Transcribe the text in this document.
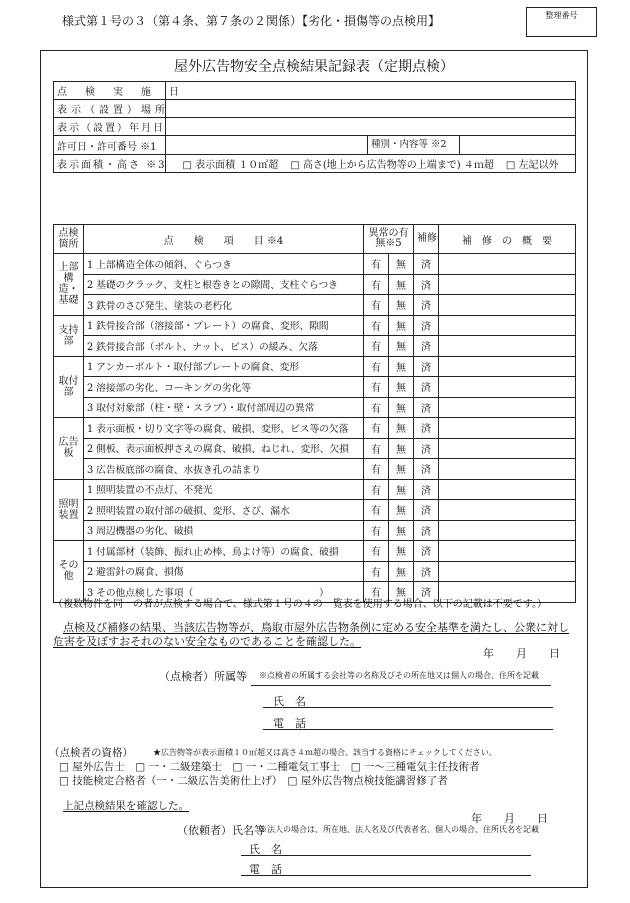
様式第１号の３（第４条、第７条の２関係）【劣化・損傷等の点検用】	整理番号
屋外広告物安全点検結果記録表（定期点検）
点　検　実　施　日		
表示（設置）場所		
表示（設置）年月日		
許可日・許可番号 ※1		種別・内容等 ※2

表示面積・高さ ※3	□ 表示面積 １０㎡超 □ 高さ(地上から広告物等の上端まで) ４ｍ超 □ 左記以外	
点検箇所	点　　検　　項　　目 ※4	異常の有無※5		補修	補　修　の　概　要
上部構造・基礎	1 上部構造全体の傾斜、ぐらつき	有	無	済	
	2 基礎のクラック、支柱と根巻きとの隙間、支柱ぐらつき	有	無	済	
	3 鉄骨のさび発生、塗装の老朽化	有	無	済	
支持部	1 鉄骨接合部（溶接部・プレート）の腐食、変形、隙間	有	無	済	
	2 鉄骨接合部（ボルト、ナット、ビス）の緩み、欠落	有	無	済	
取付部	1 アンカーボルト・取付部プレートの腐食、変形	有	無	済	
	2 溶接部の劣化、コーキングの劣化等	有	無	済	
	3 取付対象部（柱・壁・スラブ）・取付部周辺の異常	有	無	済	
広告板	1 表示面板・切り文字等の腐食、破損、変形、ビス等の欠落	有	無	済	
	2 側板、表示面板押さえの腐食、破損、ねじれ、変形、欠損	有	無	済	
	3 広告板底部の腐食、水抜き孔の詰まり	有	無	済	
照明装置	1 照明装置の不点灯、不発光	有	無	済	
	2 照明装置の取付部の破損、変形、さび、漏水	有	無	済	
	3 周辺機器の劣化、破損	有	無	済	
その他	1 付属部材（装飾、振れ止め棒、鳥よけ等）の腐食、破損	有	無	済	
	2 避雷針の腐食、損傷	有	無	済	
	3 その他点検した事項（　　　　　　　　　　　　　）	有	無	済	
（複数物件を同一の者が点検する場合で、様式第１号の４の一覧表を使用する場合、以下の記載は不要です。）
点検及び補修の結果、当該広告物等が、鳥取市屋外広告物条例に定める安全基準を満たし、公衆に対し
危害を及ぼすおそれのない安全なものであることを確認した。
年　　月　　日
（点検者）所属等 ※点検者の所属する会社等の名称及びその所在地又は個人の場合、住所を記載
氏　名
電　話
（点検者の資格）	★広告物等が表示面積１０㎡超又は高さ４ｍ超の場合、該当する資格にチェックしてください。
□ 屋外広告士　□ 一・二級建築士　□ 一・二種電気工事士　□ 一～三種電気主任技術者
□ 技能検定合格者（一・二級広告美術仕上げ）　□ 屋外広告物点検技能講習修了者
上記点検結果を確認した。
年　　月　　日
（依頼者）氏名等
※法人の場合は、所在地、法人名及び代表者名、個人の場合、住所氏名を記載
氏　名
電　話
